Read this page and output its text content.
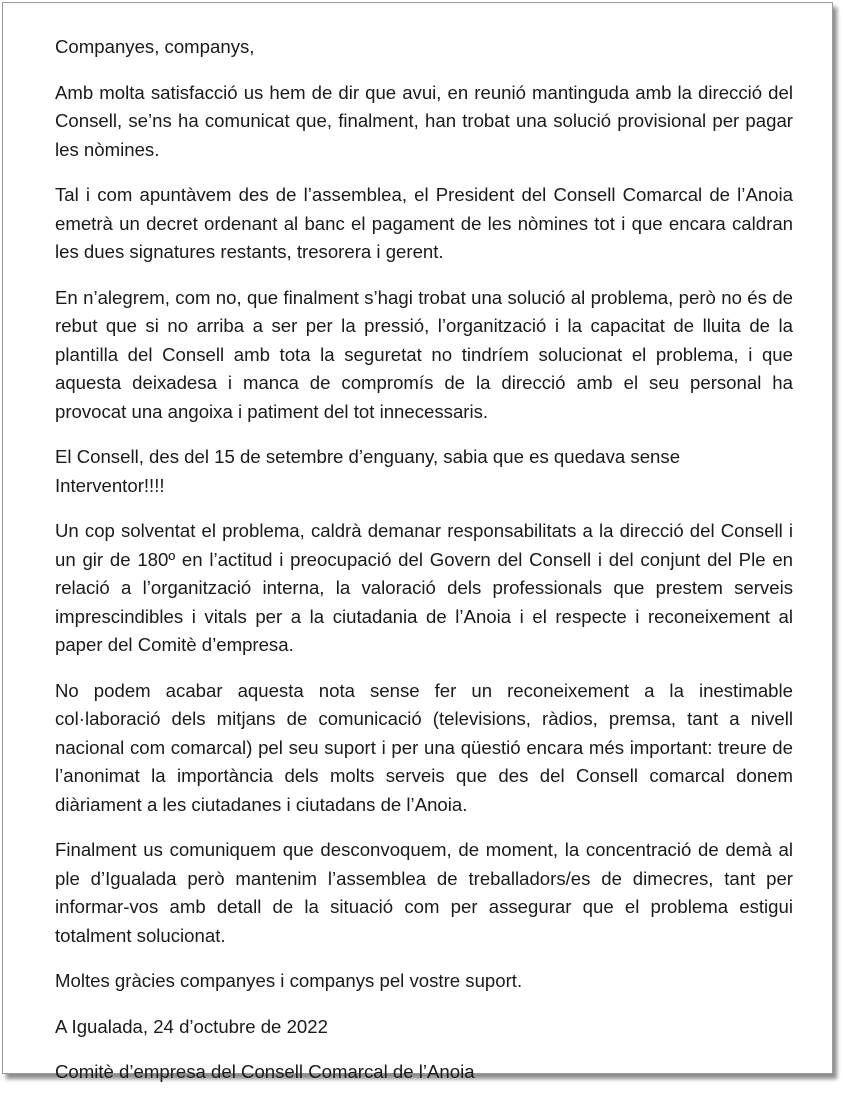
Companyes, companys,

Amb molta satisfacció us hem de dir que avui, en reunió mantinguda amb la direcció del Consell, se’ns ha comunicat que, finalment, han trobat una solució provisional per pagar les nòmines.

Tal i com apuntàvem des de l’assemblea, el President del Consell Comarcal de l’Anoia emetrà un decret ordenant al banc el pagament de les nòmines tot i que encara caldran les dues signatures restants, tresorera i gerent.

En n’alegrem, com no, que finalment s’hagi trobat una solució al problema, però no és de rebut que si no arriba a ser per la pressió, l’organització i la capacitat de lluita de la plantilla del Consell amb tota la seguretat no tindríem solucionat el problema, i que aquesta deixadesa i manca de compromís de la direcció amb el seu personal ha provocat una angoixa i patiment del tot innecessaris.

El Consell, des del 15 de setembre d’enguany, sabia que es quedava sense Interventor!!!!

Un cop solventat el problema, caldrà demanar responsabilitats a la direcció del Consell i un gir de 180º en l’actitud i preocupació del Govern del Consell i del conjunt del Ple en relació a l’organització interna, la valoració dels professionals que prestem serveis imprescindibles i vitals per a la ciutadania de l’Anoia i el respecte i reconeixement al paper del Comitè d’empresa.

No podem acabar aquesta nota sense fer un reconeixement a la inestimable col·laboració dels mitjans de comunicació (televisions, ràdios, premsa, tant a nivell nacional com comarcal) pel seu suport i per una qüestió encara més important: treure de l’anonimat la importància dels molts serveis que des del Consell comarcal donem diàriament a les ciutadanes i ciutadans de l’Anoia.

Finalment us comuniquem que desconvoquem, de moment, la concentració de demà al ple d’Igualada però mantenim l’assemblea de treballadors/es de dimecres, tant per informar-vos amb detall de la situació com per assegurar que el problema estigui totalment solucionat.

Moltes gràcies companyes i companys pel vostre suport.

A Igualada, 24 d’octubre de 2022

Comitè d’empresa del Consell Comarcal de l’Anoia
